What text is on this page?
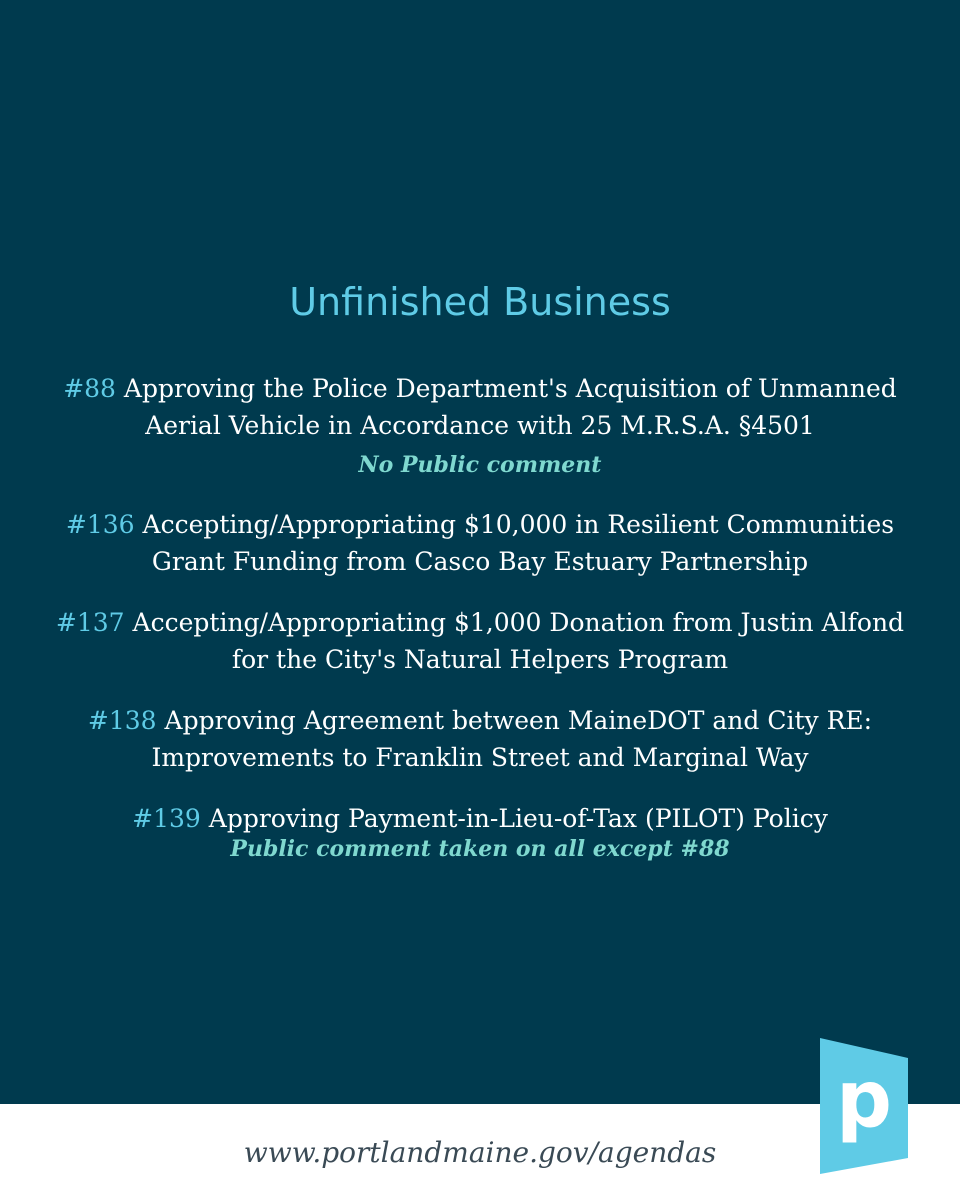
Unfinished Business
#88 Approving the Police Department's Acquisition of Unmanned Aerial Vehicle in Accordance with 25 M.R.S.A. §4501
No Public comment
#136 Accepting/Appropriating $10,000 in Resilient Communities Grant Funding from Casco Bay Estuary Partnership
#137 Accepting/Appropriating $1,000 Donation from Justin Alfond for the City's Natural Helpers Program
#138 Approving Agreement between MaineDOT and City RE: Improvements to Franklin Street and Marginal Way
#139 Approving Payment-in-Lieu-of-Tax (PILOT) Policy
Public comment taken on all except #88
www.portlandmaine.gov/agendas
p
